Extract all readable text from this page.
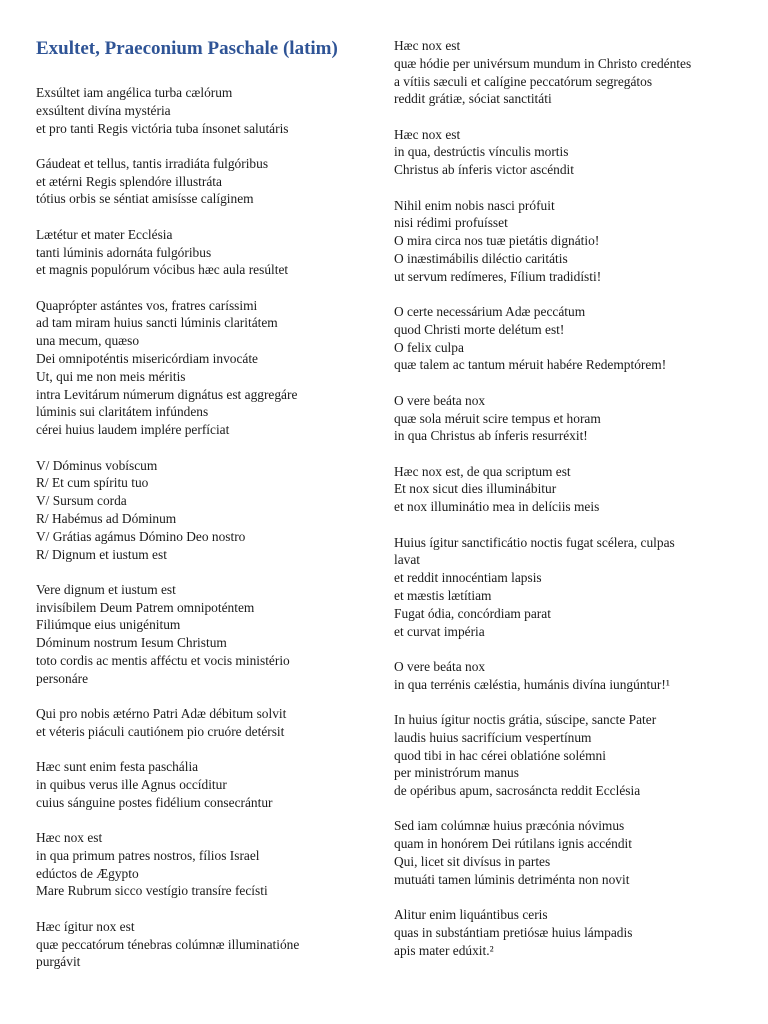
Exultet, Praeconium Paschale (latim)
Exsúltet iam angélica turba cælórum
exsúltent divína mystéria
et pro tanti Regis victória tuba ínsonet salutáris
Gáudeat et tellus, tantis irradiáta fulgóribus
et ætérni Regis splendóre illustráta
tótius orbis se séntiat amisísse calíginem
Lætétur et mater Ecclésia
tanti lúminis adornáta fulgóribus
et magnis populórum vócibus hæc aula resúltet
Quaprópter astántes vos, fratres caríssimi
ad tam miram huius sancti lúminis claritátem
una mecum, quæso
Dei omnipoténtis misericórdiam invocáte
Ut, qui me non meis méritis
intra Levitárum númerum dignátus est aggregáre
lúminis sui claritátem infúndens
cérei huius laudem implére perfíciat
V/ Dóminus vobíscum
R/ Et cum spíritu tuo
V/ Sursum corda
R/ Habémus ad Dóminum
V/ Grátias agámus Dómino Deo nostro
R/ Dignum et iustum est
Vere dignum et iustum est
invisíbilem Deum Patrem omnipoténtem
Filiúmque eius unigénitum
Dóminum nostrum Iesum Christum
toto cordis ac mentis afféctu et vocis ministério
personáre
Qui pro nobis ætérno Patri Adæ débitum solvit
et véteris piáculi cautiónem pio cruóre detérsit
Hæc sunt enim festa paschália
in quibus verus ille Agnus occíditur
cuius sánguine postes fidélium consecrántur
Hæc nox est
in qua primum patres nostros, fílios Israel
edúctos de Ægypto
Mare Rubrum sicco vestígio transíre fecísti
Hæc ígitur nox est
quæ peccatórum ténebras colúmnæ illuminatióne
purgávit
Hæc nox est
quæ hódie per univérsum mundum in Christo credéntes
a vítiis sæculi et calígine peccatórum segregátos
reddit grátiæ, sóciat sanctitáti
Hæc nox est
in qua, destrúctis vínculis mortis
Christus ab ínferis victor ascéndit
Nihil enim nobis nasci prófuit
nisi rédimi profuísset
O mira circa nos tuæ pietátis dignátio!
O inæstimábilis diléctio caritátis
ut servum redímeres, Fílium tradidísti!
O certe necessárium Adæ peccátum
quod Christi morte delétum est!
O felix culpa
quæ talem ac tantum méruit habére Redemptórem!
O vere beáta nox
quæ sola méruit scire tempus et horam
in qua Christus ab ínferis resurréxit!
Hæc nox est, de qua scriptum est
Et nox sicut dies illuminábitur
et nox illuminátio mea in delíciis meis
Huius ígitur sanctificátio noctis fugat scélera, culpas
lavat
et reddit innocéntiam lapsis
et mæstis lætítiam
Fugat ódia, concórdiam parat
et curvat impéria
O vere beáta nox
in qua terrénis cæléstia, humánis divína iungúntur!¹
In huius ígitur noctis grátia, súscipe, sancte Pater
laudis huius sacrifícium vespertínum
quod tibi in hac cérei oblatióne solémni
per ministrórum manus
de opéribus apum, sacrosáncta reddit Ecclésia
Sed iam colúmnæ huius præcónia nóvimus
quam in honórem Dei rútilans ignis accéndit
Qui, licet sit divísus in partes
mutuáti tamen lúminis detriménta non novit
Alitur enim liquántibus ceris
quas in substántiam pretiósæ huius lámpadis
apis mater edúxit.²
